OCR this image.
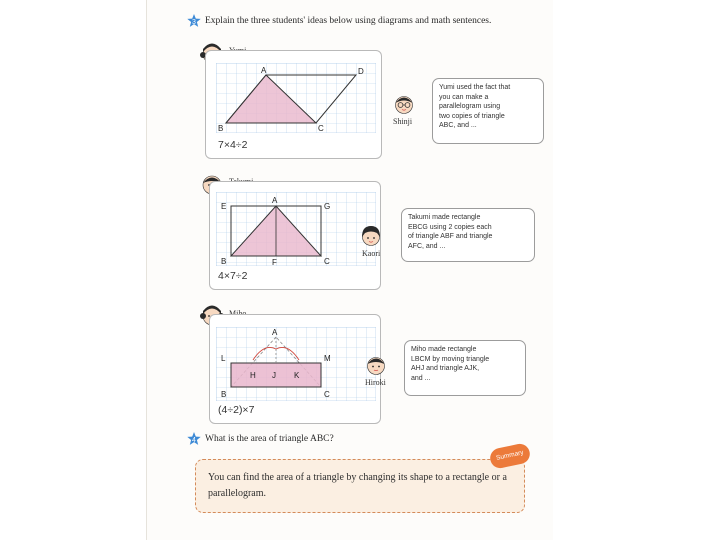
3 Explain the three students' ideas below using diagrams and math sentences.
A	D
B	C
7×4÷2
Shinji
Yumi used the fact that
you can make a
parallelogram using
two copies of triangle
ABC, and ...
A
E	G
B	C
F
4×7÷2
Kaori
Takumi made rectangle
EBCG using 2 copies each
of triangle ABF and triangle
AFC, and ...
A
L	M
H J K
B	C
(4÷2)×7
Hiroki
Miho made rectangle
LBCM by moving triangle
AHJ and triangle AJK,
and ...
4 What is the area of triangle ABC?
You can find the area of a triangle by changing its shape to a rectangle or a parallelogram.
Summary
